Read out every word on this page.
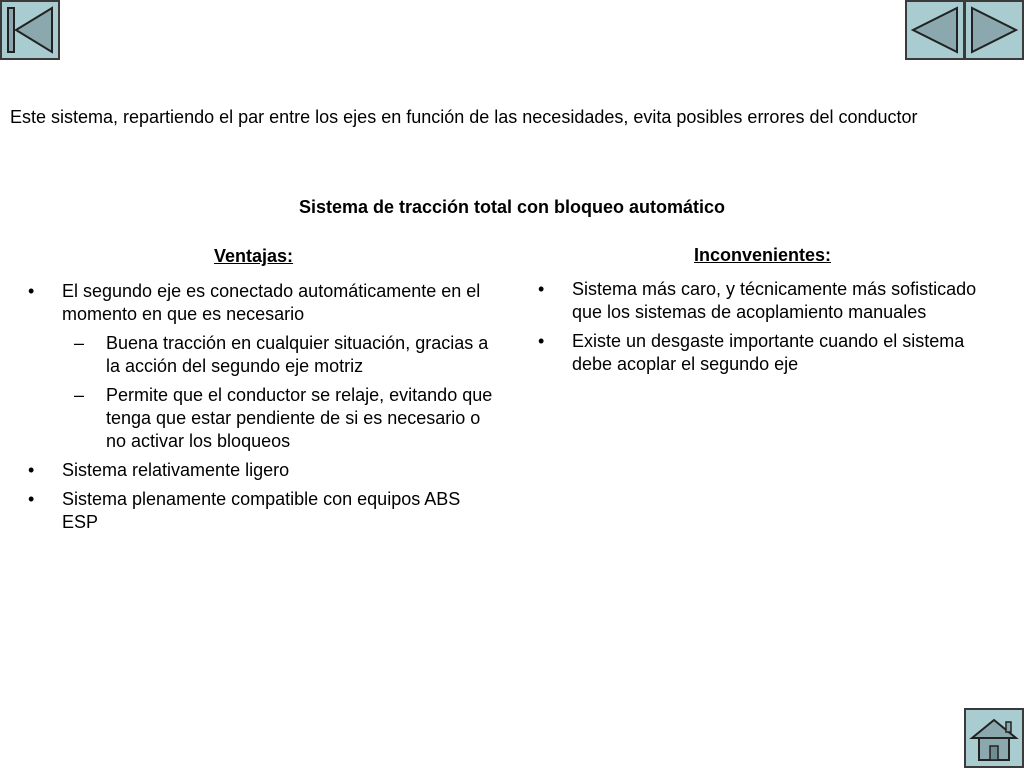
Este sistema, repartiendo el par entre los ejes en función de las necesidades, evita posibles errores del conductor
Sistema de tracción total con bloqueo automático
Ventajas:	Inconvenientes:
• El segundo eje es conectado automáticamente en el momento en que es necesario
– Buena tracción en cualquier situación, gracias a la acción del segundo eje motriz
– Permite que el conductor se relaje, evitando que tenga que estar pendiente de si es necesario o no activar los bloqueos
• Sistema relativamente ligero
• Sistema plenamente compatible con equipos ABS ESP
• Sistema más caro, y técnicamente más sofisticado que los sistemas de acoplamiento manuales
• Existe un desgaste importante cuando el sistema debe acoplar el segundo eje
